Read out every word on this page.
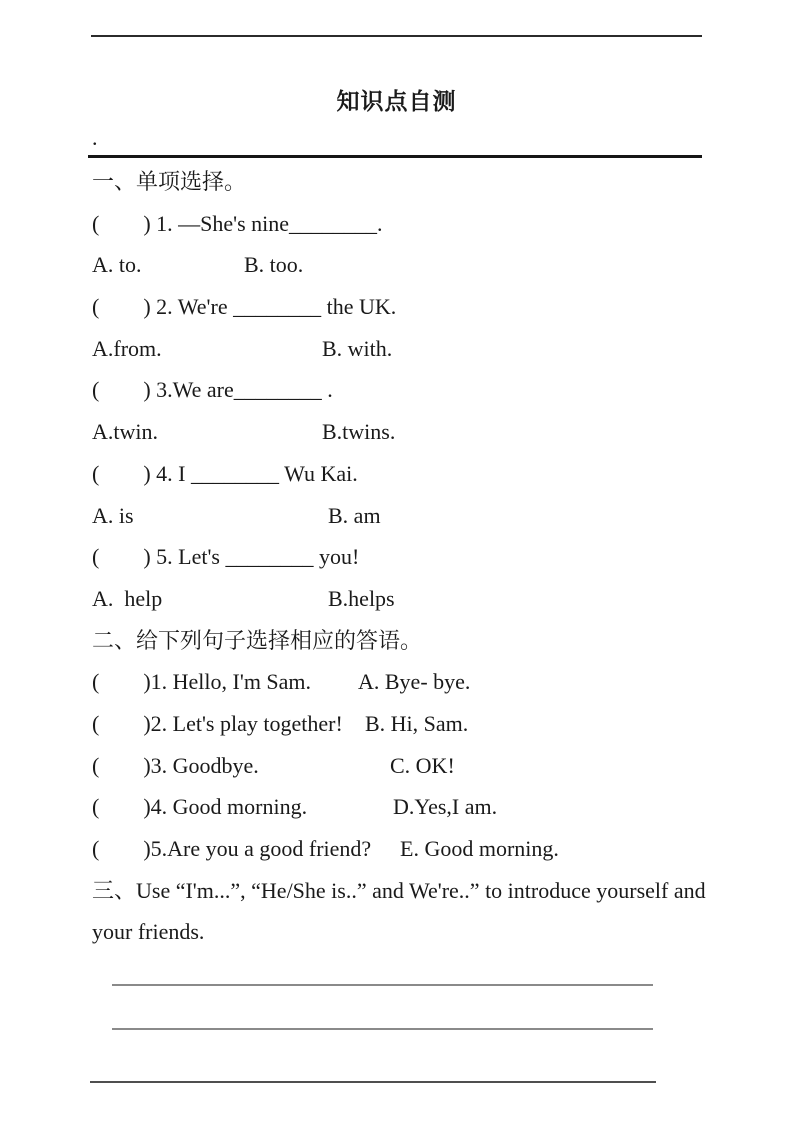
知识点自测
.
一、单项选择。
(        ) 1. —She's nine________.
A. to.	B. too.
(        ) 2. We're ________ the UK.
A.from.	B. with.
(        ) 3.We are________ .
A.twin.	B.twins.
(        ) 4. I ________ Wu Kai.
A. is	B. am
(        ) 5. Let's ________ you!
A.  help	B.helps
二、给下列句子选择相应的答语。
(        )1. Hello, I'm Sam. A. Bye- bye.
(        )2. Let's play together! B. Hi, Sam.
(        )3. Goodbye.	C. OK!
(        )4. Good morning.	D.Yes,I am.
(        )5.Are you a good friend? E. Good morning.
三、Use “I'm...”, “He/She is..” and We're..” to introduce yourself and
your friends.
